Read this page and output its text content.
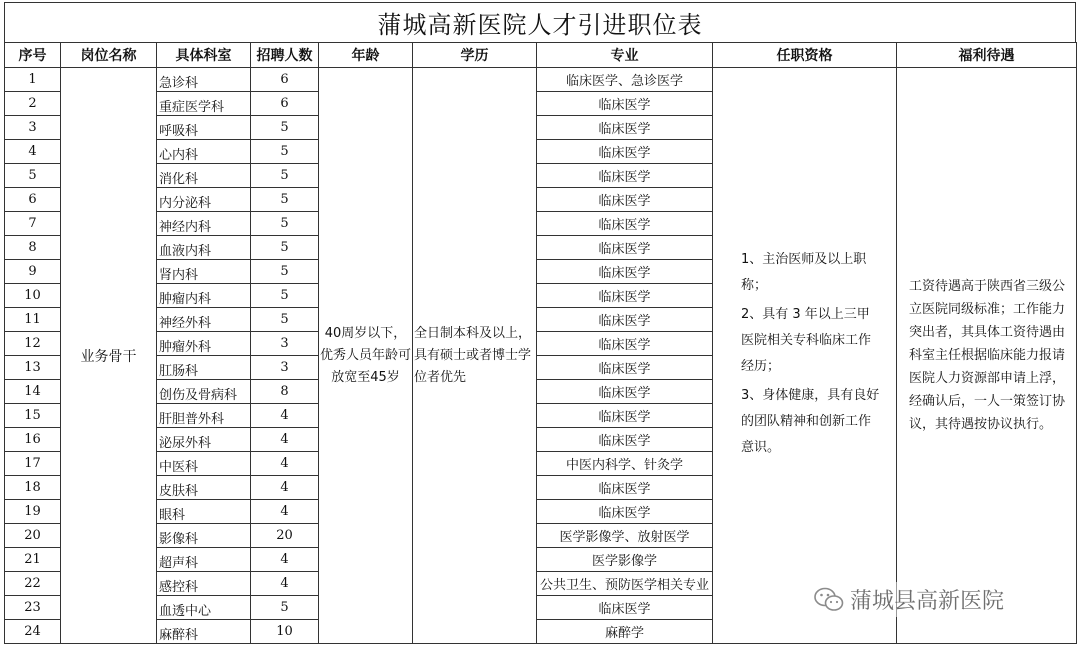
蒲城高新医院人才引进职位表
序号	岗位名称	具体科室	招聘人数	年龄	学历	专业	任职资格	福利待遇
1	业务骨干	急诊科	6	40周岁以下，优秀人员年龄可放宽至45岁	全日制本科及以上，具有硕士或者博士学位者优先	临床医学、急诊医学	1、主治医师及以上职称；

2、具有 3 年以上三甲医院相关专科临床工作经历；

3、身体健康，具有良好的团队精神和创新工作意识。	工资待遇高于陕西省三级公立医院同级标准；工作能力突出者，其具体工资待遇由科室主任根据临床能力报请医院人力资源部申请上浮，经确认后，一人一策签订协议，其待遇按协议执行。
2		重症医学科	6			临床医学		
3		呼吸科	5			临床医学		
4		心内科	5			临床医学		
5		消化科	5			临床医学		
6		内分泌科	5			临床医学		
7		神经内科	5			临床医学		
8		血液内科	5			临床医学		
9		肾内科	5			临床医学		
10		肿瘤内科	5			临床医学		
11		神经外科	5			临床医学		
12		肿瘤外科	3			临床医学		
13		肛肠科	3			临床医学		
14		创伤及骨病科	8			临床医学		
15		肝胆普外科	4			临床医学		
16		泌尿外科	4			临床医学		
17		中医科	4			中医内科学、针灸学		
18		皮肤科	4			临床医学		
19		眼科	4			临床医学		
20		影像科	20			医学影像学、放射医学		
21		超声科	4			医学影像学		
22		感控科	4			公共卫生、预防医学相关专业		
23		血透中心	5			临床医学		
24		麻醉科	10			麻醉学		
蒲城县高新医院
